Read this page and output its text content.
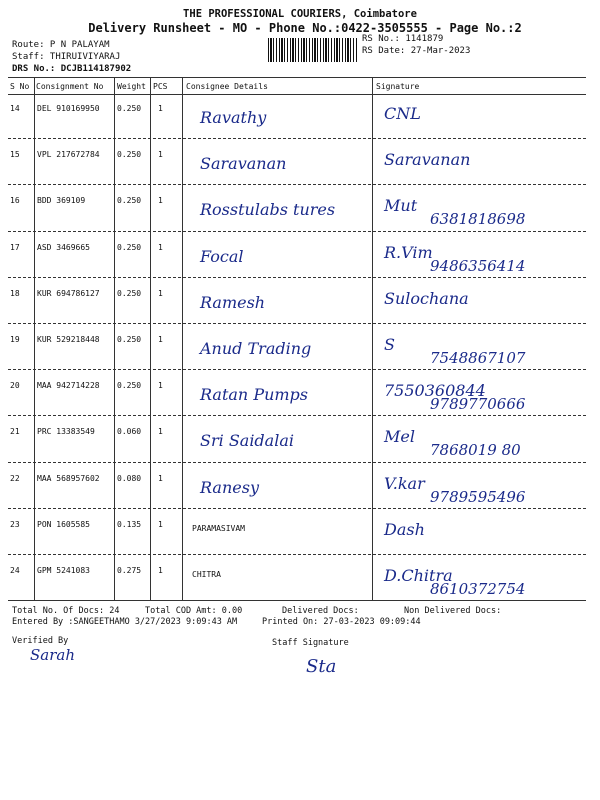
THE PROFESSIONAL COURIERS, Coimbatore
Delivery Runsheet - MO - Phone No.:0422-3505555 - Page No.:2
Route: P N PALAYAM
Staff: THIRUIVIYARAJ
DRS No.: DCJB114187902
RS No.: 1141879
RS Date: 27-Mar-2023
S No Consignment No Weight PCS Consignee Details	Signature
14 DEL 910169950 0.250 1 Ravathy	CNL
15 VPL 217672784 0.250 1 Saravanan	Saravanan
16 BDD 369109	0.250 1 Rosstulabs tures	Mut
6381818698
17 ASD 3469665	0.250 1 Focal	R.Vim
9486356414
18 KUR 694786127 0.250 1 Ramesh	Sulochana
19 KUR 529218448 0.250 1 Anud Trading	S
7548867107
20 MAA 942714228 0.250 1 Ratan Pumps	7550360844
9789770666
21 PRC 13383549	0.060 1 Sri Saidalai	Mel
7868019 80
22 MAA 568957602 0.080 1 Ranesy	V.kar
9789595496
23 PON 1605585	0.135 1	PARAMASIVAM	Dash
24 GPM 5241083	0.275 1	CHITRA	D.Chitra
8610372754
Total No. Of Docs: 24	Total COD Amt: 0.00	Delivered Docs:	Non Delivered Docs:
Entered By :SANGEETHAMO 3/27/2023 9:09:43 AM	Printed On: 27-03-2023 09:09:44
Verified By	Staff Signature
Sarah
Sta
